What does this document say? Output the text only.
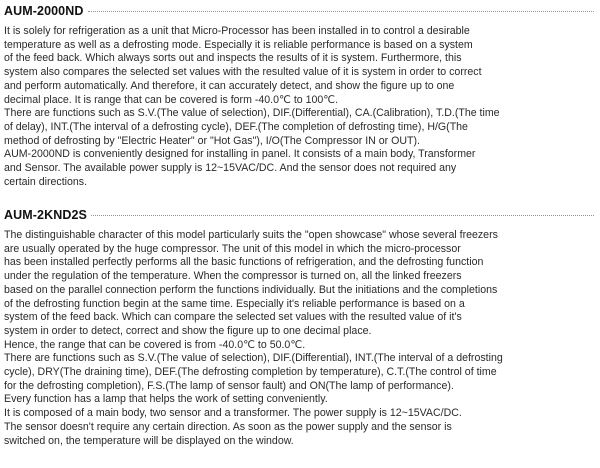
AUM-2000ND
It is solely for refrigeration as a unit that Micro-Processor has been installed in to control a desirable
temperature as well as a defrosting mode. Especially it is reliable performance is based on a system
of the feed back. Which always sorts out and inspects the results of it is system. Furthermore, this
system also compares the selected set values with the resulted value of it is system in order to correct
and perform automatically. And therefore, it can accurately detect, and show the figure up to one
decimal place. It is range that can be covered is form -40.0℃ to 100℃.
There are functions such as S.V.(The value of selection), DIF.(Differential), CA.(Calibration), T.D.(The time
of delay), INT.(The interval of a defrosting cycle), DEF.(The completion of defrosting time), H/G(The
method of defrosting by "Electric Heater" or "Hot Gas"), I/O(The Compressor IN or OUT).
AUM-2000ND is conveniently designed for installing in panel. It consists of a main body, Transformer
and Sensor. The available power supply is 12~15VAC/DC. And the sensor does not required any
certain directions.
AUM-2KND2S
The distinguishable character of this model particularly suits the "open showcase" whose several freezers
are usually operated by the huge compressor. The unit of this model in which the micro-processor
has been installed perfectly performs all the basic functions of refrigeration, and the defrosting function
under the regulation of the temperature. When the compressor is turned on, all the linked freezers
based on the parallel connection perform the functions individually. But the initiations and the completions
of the defrosting function begin at the same time. Especially it's reliable performance is based on a
system of the feed back. Which can compare the selected set values with the resulted value of it's
system in order to detect, correct and show the figure up to one decimal place.
Hence, the range that can be covered is from -40.0℃ to 50.0℃.
There are functions such as S.V.(The value of selection), DIF.(Differential), INT.(The interval of a defrosting
cycle), DRY(The draining time), DEF.(The defrosting completion by temperature), C.T.(The control of time
for the defrosting completion), F.S.(The lamp of sensor fault) and ON(The lamp of performance).
Every function has a lamp that helps the work of setting conveniently.
It is composed of a main body, two sensor and a transformer. The power supply is 12~15VAC/DC.
The sensor doesn't require any certain direction. As soon as the power supply and the sensor is
switched on, the temperature will be displayed on the window.
